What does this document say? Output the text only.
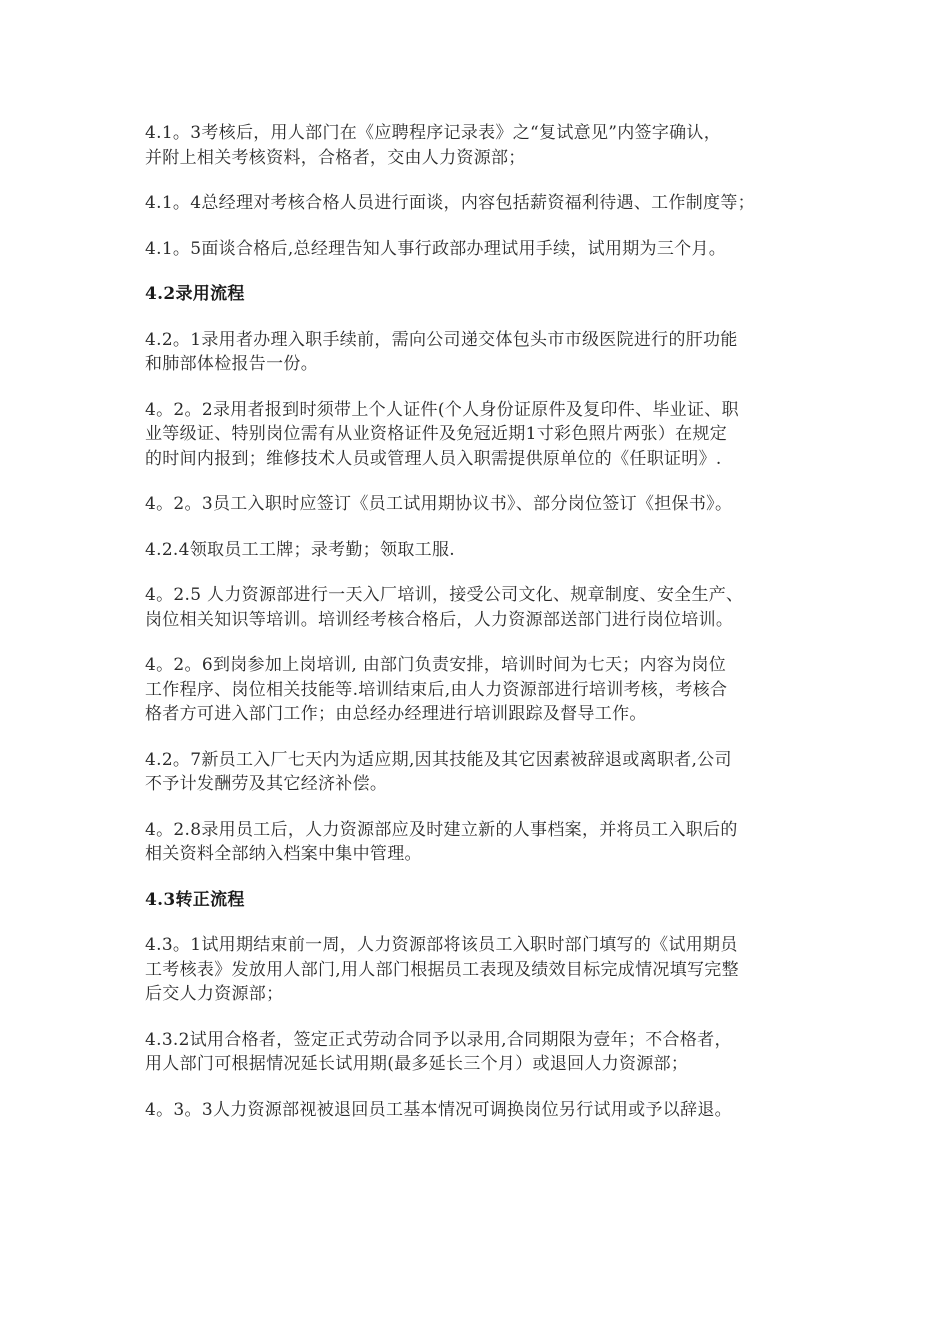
4.1。3考核后，用人部门在《应聘程序记录表》之“复试意见”内签字确认，
并附上相关考核资料，合格者，交由人力资源部；

4.1。4总经理对考核合格人员进行面谈，内容包括薪资福利待遇、工作制度等；

4.1。5面谈合格后,总经理告知人事行政部办理试用手续，试用期为三个月。

4.2录用流程

4.2。1录用者办理入职手续前，需向公司递交体包头市市级医院进行的肝功能
和肺部体检报告一份。

4。2。2录用者报到时须带上个人证件(个人身份证原件及复印件、毕业证、职
业等级证、特别岗位需有从业资格证件及免冠近期1寸彩色照片两张）在规定
的时间内报到；维修技术人员或管理人员入职需提供原单位的《任职证明》.

4。2。3员工入职时应签订《员工试用期协议书》、部分岗位签订《担保书》。

4.2.4领取员工工牌；录考勤；领取工服.

4。2.5 人力资源部进行一天入厂培训，接受公司文化、规章制度、安全生产、
岗位相关知识等培训。培训经考核合格后，人力资源部送部门进行岗位培训。

4。2。6到岗参加上岗培训, 由部门负责安排，培训时间为七天；内容为岗位
工作程序、岗位相关技能等.培训结束后,由人力资源部进行培训考核，考核合
格者方可进入部门工作；由总经办经理进行培训跟踪及督导工作。

4.2。7新员工入厂七天内为适应期,因其技能及其它因素被辞退或离职者,公司
不予计发酬劳及其它经济补偿。

4。2.8录用员工后，人力资源部应及时建立新的人事档案，并将员工入职后的
相关资料全部纳入档案中集中管理。

4.3转正流程

4.3。1试用期结束前一周，人力资源部将该员工入职时部门填写的《试用期员
工考核表》发放用人部门,用人部门根据员工表现及绩效目标完成情况填写完整
后交人力资源部；

4.3.2试用合格者，签定正式劳动合同予以录用,合同期限为壹年；不合格者，
用人部门可根据情况延长试用期(最多延长三个月）或退回人力资源部；

4。3。3人力资源部视被退回员工基本情况可调换岗位另行试用或予以辞退。
